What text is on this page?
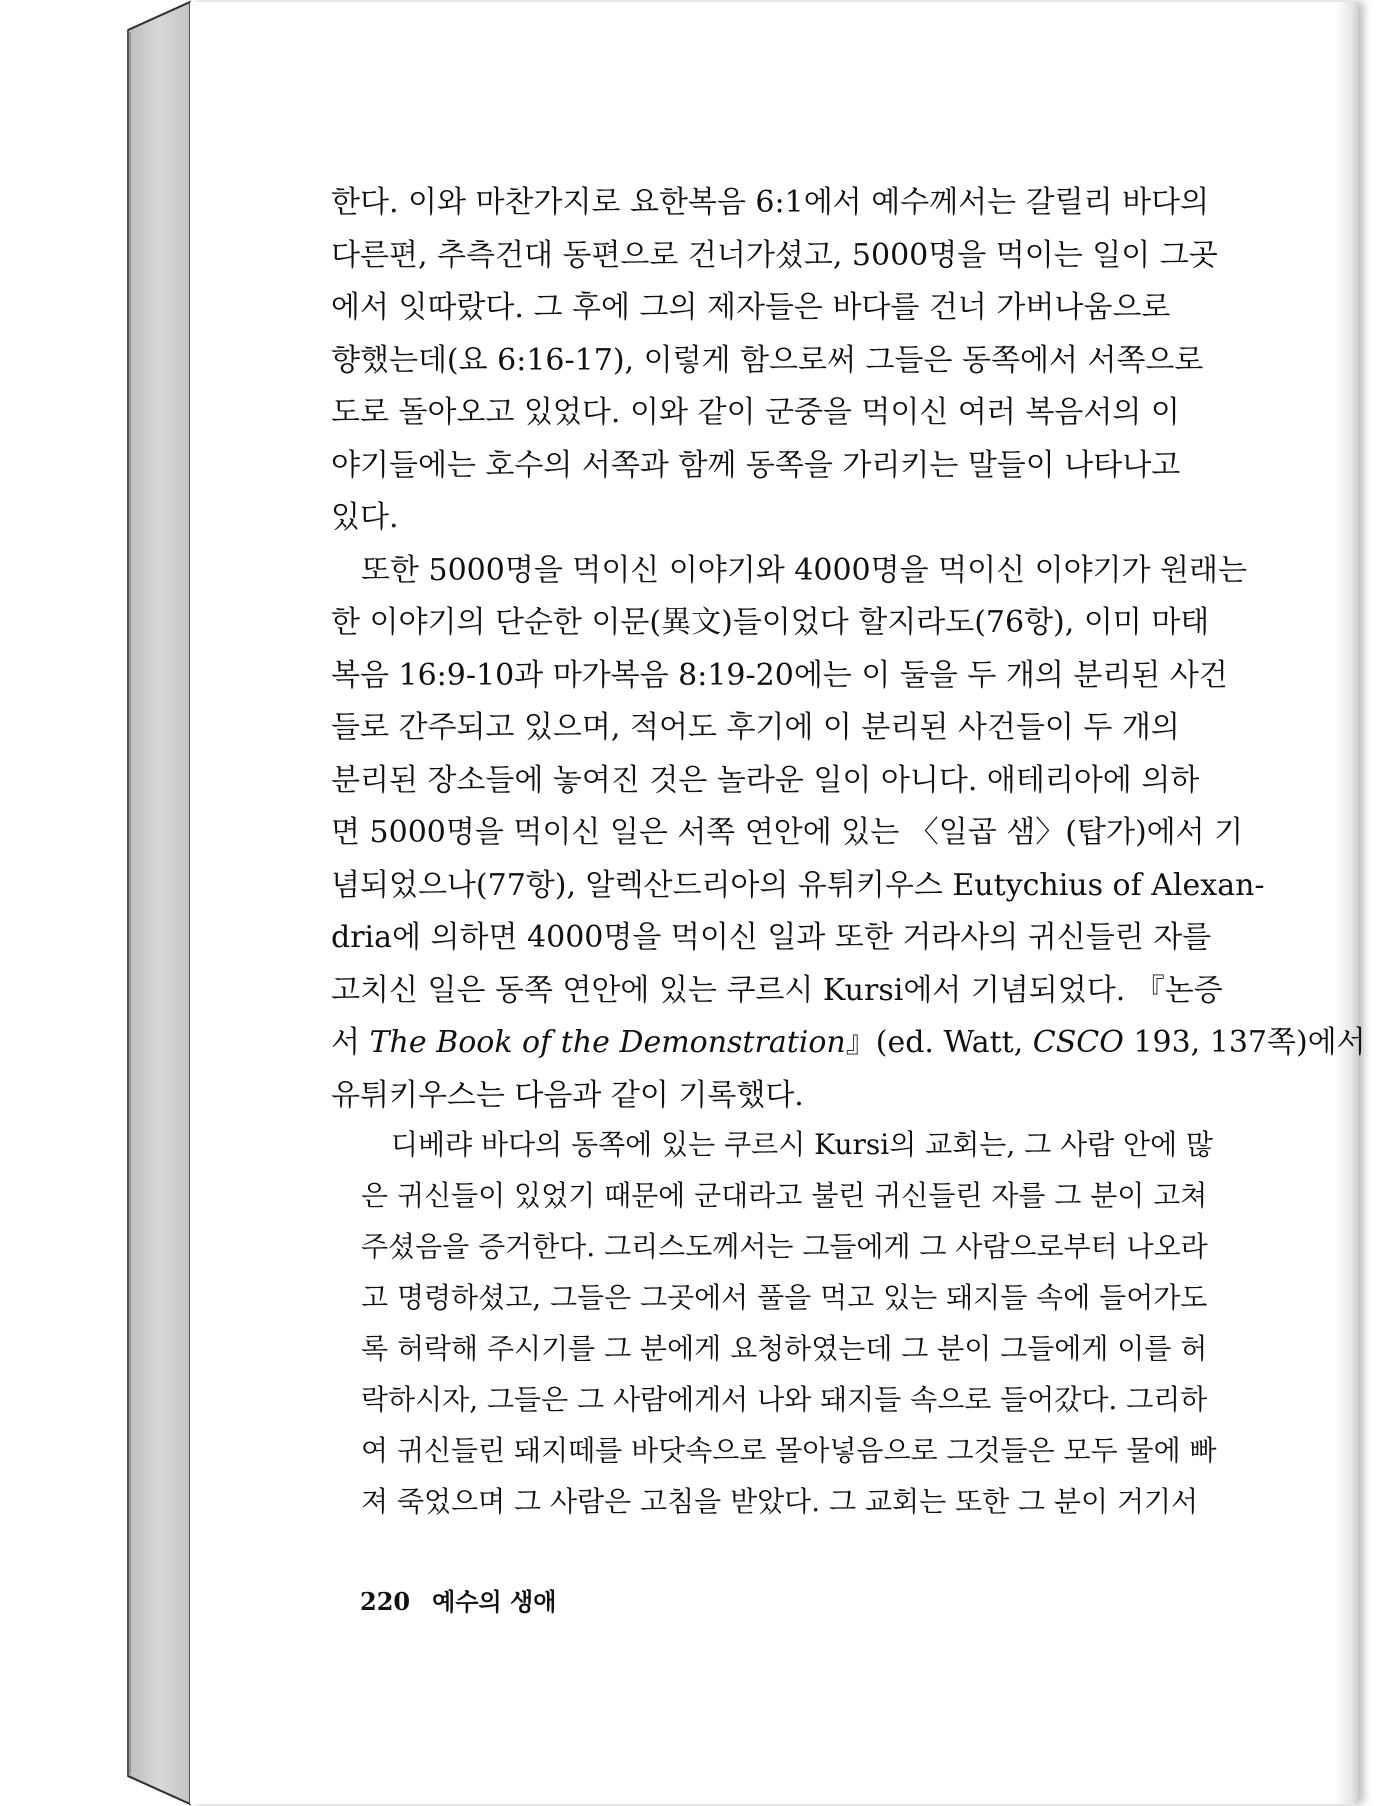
한다. 이와 마찬가지로 요한복음 6:1에서 예수께서는 갈릴리 바다의
다른편, 추측건대 동편으로 건너가셨고, 5000명을 먹이는 일이 그곳
에서 잇따랐다. 그 후에 그의 제자들은 바다를 건너 가버나움으로
향했는데(요 6:16-17), 이렇게 함으로써 그들은 동쪽에서 서쪽으로
도로 돌아오고 있었다. 이와 같이 군중을 먹이신 여러 복음서의 이
야기들에는 호수의 서쪽과 함께 동쪽을 가리키는 말들이 나타나고
있다.

또한 5000명을 먹이신 이야기와 4000명을 먹이신 이야기가 원래는
한 이야기의 단순한 이문(異文)들이었다 할지라도(76항), 이미 마태
복음 16:9-10과 마가복음 8:19-20에는 이 둘을 두 개의 분리된 사건
들로 간주되고 있으며, 적어도 후기에 이 분리된 사건들이 두 개의
분리된 장소들에 놓여진 것은 놀라운 일이 아니다. 애테리아에 의하
면 5000명을 먹이신 일은 서쪽 연안에 있는 〈일곱 샘〉(탑가)에서 기
념되었으나(77항), 알렉산드리아의 유튀키우스 Eutychius of Alexan-
dria에 의하면 4000명을 먹이신 일과 또한 거라사의 귀신들린 자를
고치신 일은 동쪽 연안에 있는 쿠르시 Kursi에서 기념되었다. 『논증
서 The Book of the Demonstration』(ed. Watt, CSCO 193, 137쪽)에서
유튀키우스는 다음과 같이 기록했다.

디베랴 바다의 동쪽에 있는 쿠르시 Kursi의 교회는, 그 사람 안에 많
은 귀신들이 있었기 때문에 군대라고 불린 귀신들린 자를 그 분이 고쳐
주셨음을 증거한다. 그리스도께서는 그들에게 그 사람으로부터 나오라
고 명령하셨고, 그들은 그곳에서 풀을 먹고 있는 돼지들 속에 들어가도
록 허락해 주시기를 그 분에게 요청하였는데 그 분이 그들에게 이를 허
락하시자, 그들은 그 사람에게서 나와 돼지들 속으로 들어갔다. 그리하
여 귀신들린 돼지떼를 바닷속으로 몰아넣음으로 그것들은 모두 물에 빠
져 죽었으며 그 사람은 고침을 받았다. 그 교회는 또한 그 분이 거기서
220 예수의 생애
